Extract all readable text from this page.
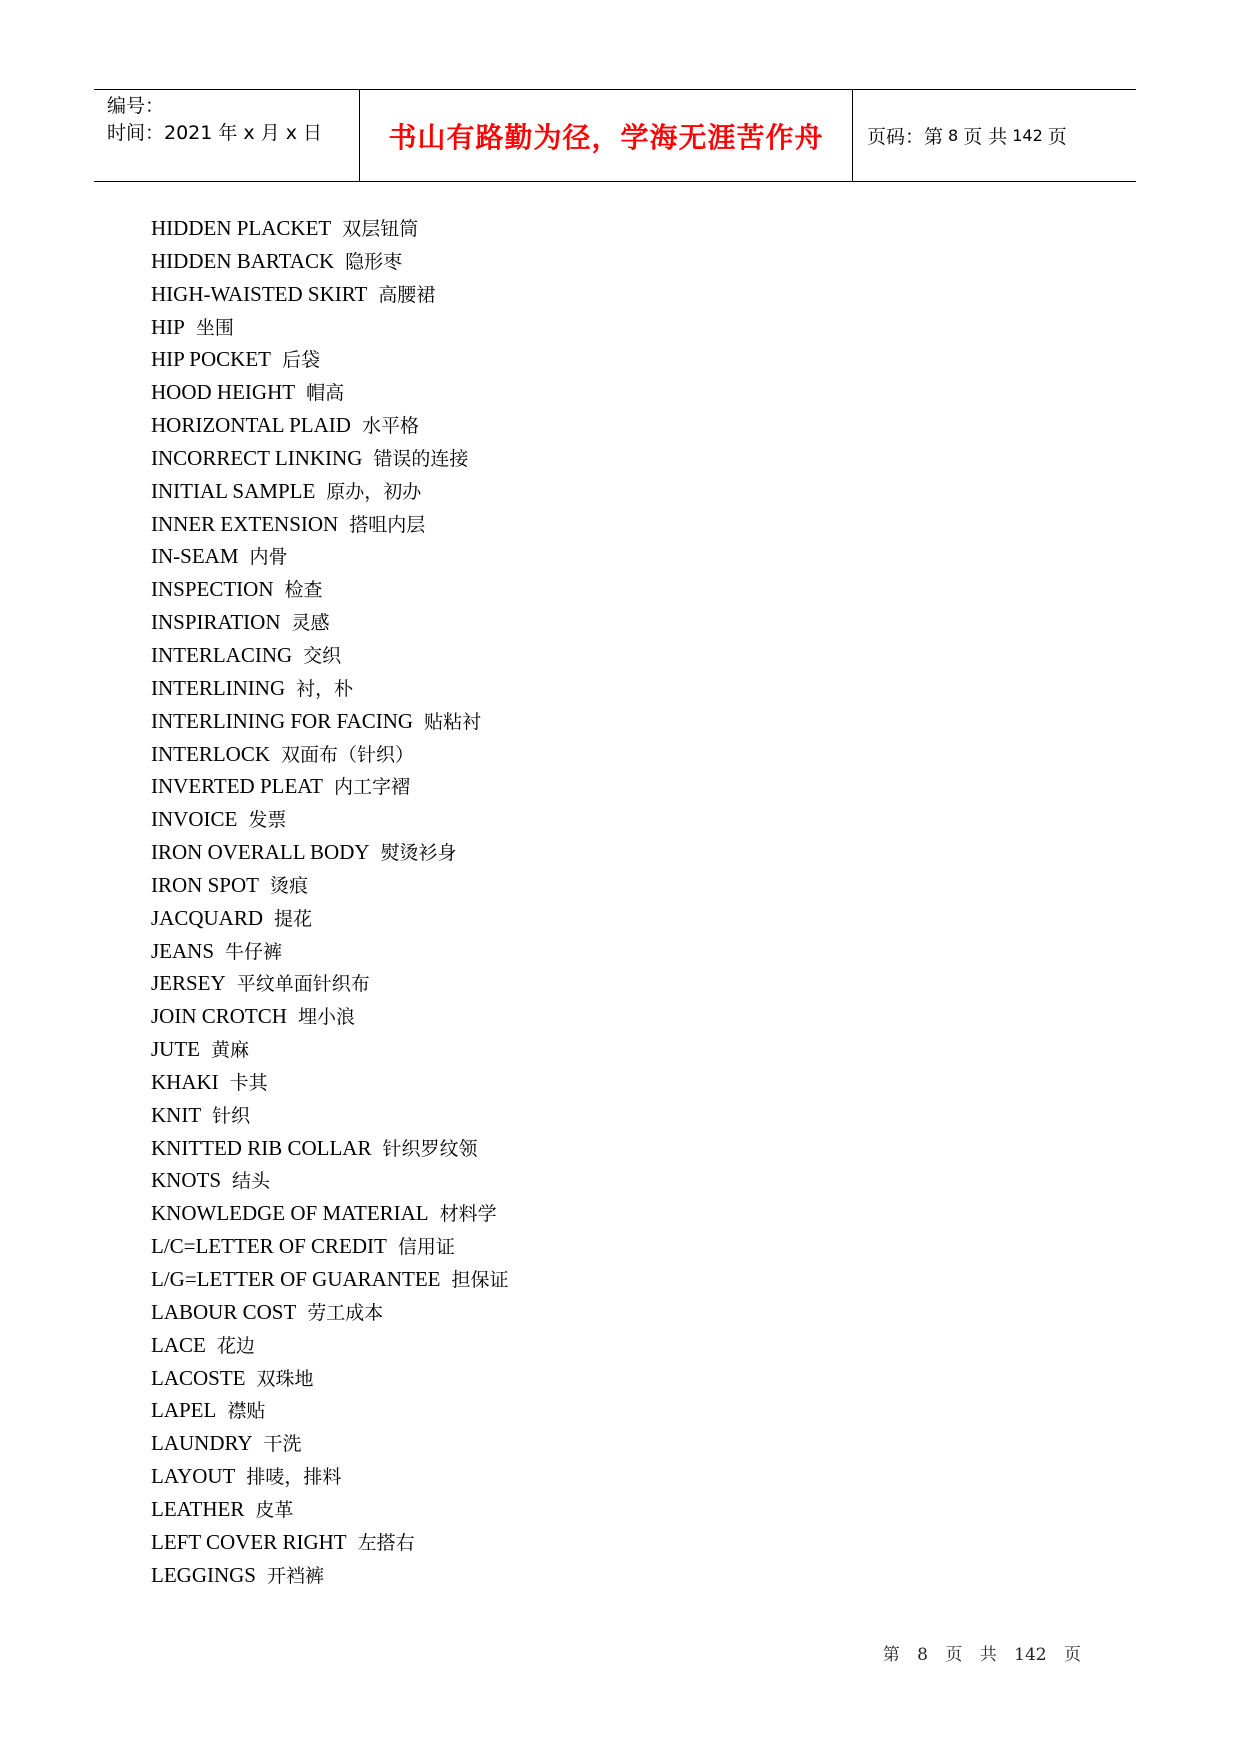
编号：
时间：2021 年 x 月 x 日	书山有路勤为径，学海无涯苦作舟 页码：第 8 页 共 142 页
HIDDEN PLACKET 双层钮筒
HIDDEN BARTACK 隐形枣
HIGH-WAISTED SKIRT 高腰裙
HIP 坐围
HIP POCKET 后袋
HOOD HEIGHT 帽高
HORIZONTAL PLAID 水平格
INCORRECT LINKING 错误的连接
INITIAL SAMPLE 原办，初办
INNER EXTENSION 搭咀内层
IN-SEAM 内骨
INSPECTION 检查
INSPIRATION 灵感
INTERLACING 交织
INTERLINING 衬，朴
INTERLINING FOR FACING 贴粘衬
INTERLOCK 双面布（针织）
INVERTED PLEAT 内工字褶
INVOICE 发票
IRON OVERALL BODY 熨烫衫身
IRON SPOT 烫痕
JACQUARD 提花
JEANS 牛仔裤
JERSEY 平纹单面针织布
JOIN CROTCH 埋小浪
JUTE 黄麻
KHAKI 卡其
KNIT 针织
KNITTED RIB COLLAR 针织罗纹领
KNOTS 结头
KNOWLEDGE OF MATERIAL 材料学
L/C=LETTER OF CREDIT 信用证
L/G=LETTER OF GUARANTEE 担保证
LABOUR COST 劳工成本
LACE 花边
LACOSTE 双珠地
LAPEL 襟贴
LAUNDRY 干洗
LAYOUT 排唛，排料
LEATHER 皮革
LEFT COVER RIGHT 左搭右
LEGGINGS 开裆裤
第 8 页 共 142 页
